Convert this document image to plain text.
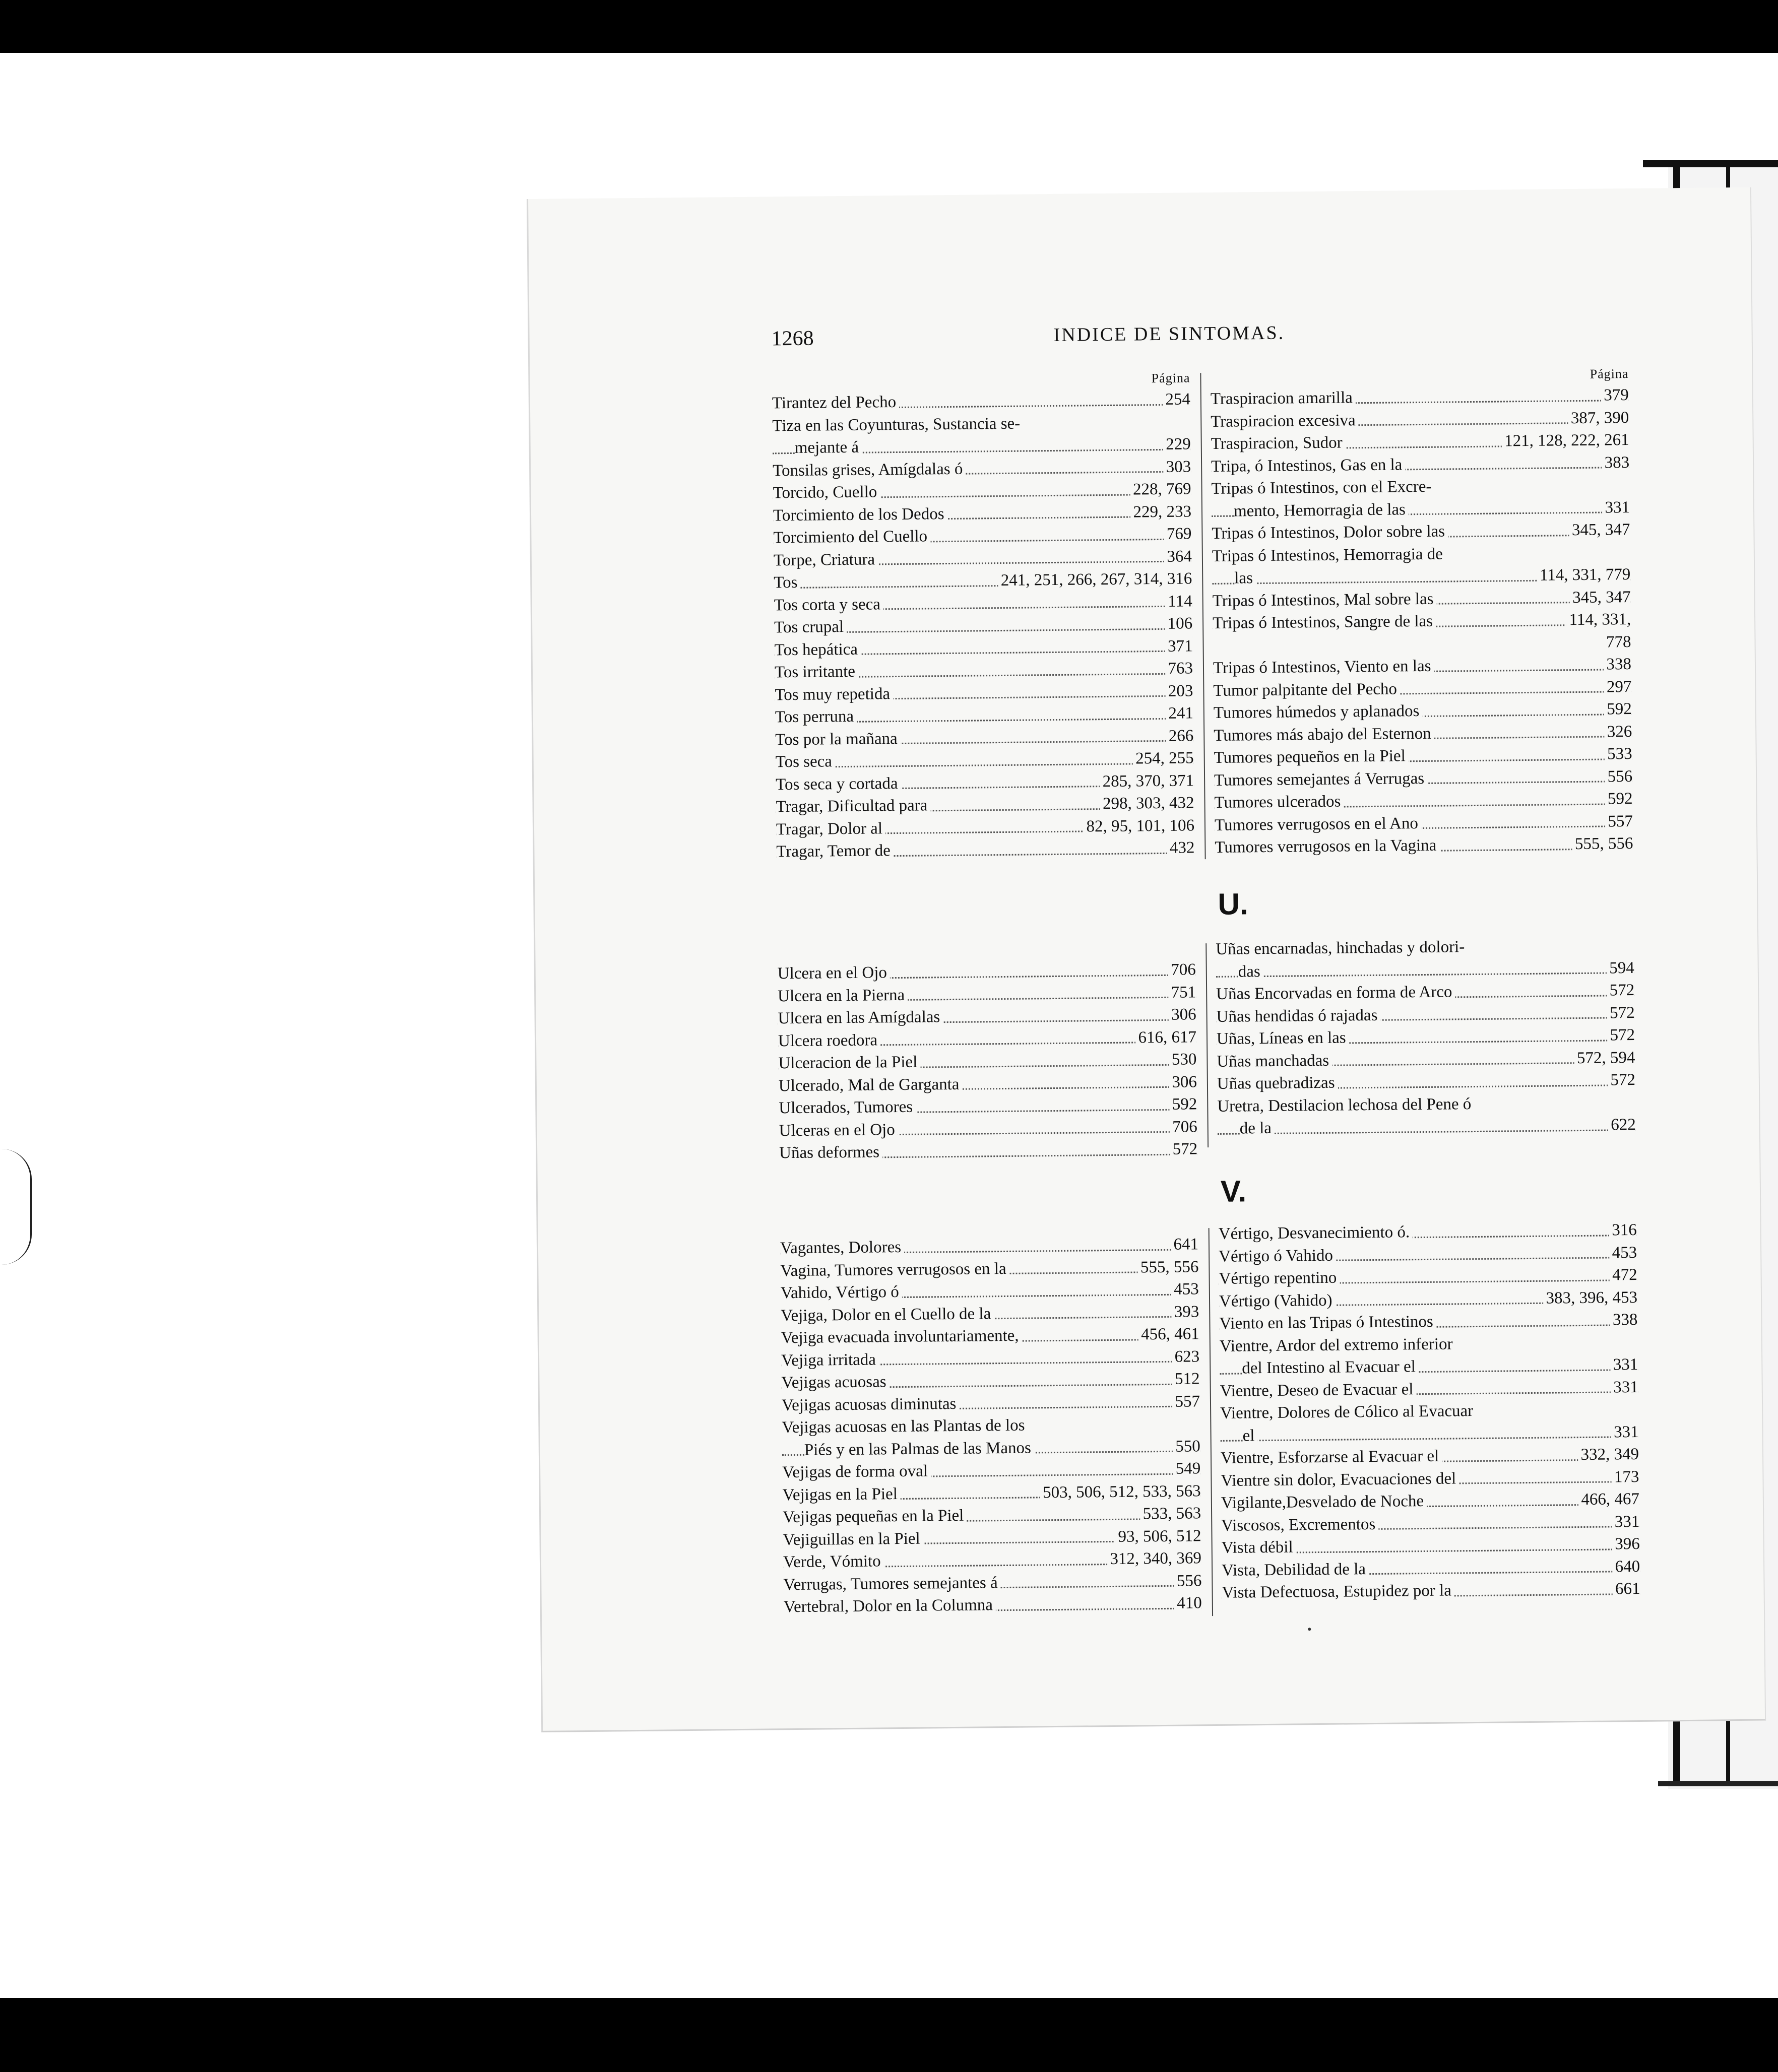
1268	INDICE DE SINTOMAS.
Página
Tirantez del Pecho	254
Tiza en las Coyunturas, Sustancia se-
mejante á	229
Tonsilas grises, Amígdalas ó	303
Torcido, Cuello	228, 769
Torcimiento de los Dedos	229, 233
Torcimiento del Cuello	769
Torpe, Criatura	364
Tos	241, 251, 266, 267, 314, 316
Tos corta y seca	114
Tos crupal	106
Tos hepática	371
Tos irritante	763
Tos muy repetida	203
Tos perruna	241
Tos por la mañana	266
Tos seca	254, 255
Tos seca y cortada	285, 370, 371
Tragar, Dificultad para	298, 303, 432
Tragar, Dolor al	82, 95, 101, 106
Tragar, Temor de	432
Página
Traspiracion amarilla	379
Traspiracion excesiva	387, 390
Traspiracion, Sudor	121, 128, 222, 261
Tripa, ó Intestinos, Gas en la	383
Tripas ó Intestinos, con el Excre-
mento, Hemorragia de las	331
Tripas ó Intestinos, Dolor sobre las	345, 347
Tripas ó Intestinos, Hemorragia de
las	114, 331, 779
Tripas ó Intestinos, Mal sobre las	345, 347
Tripas ó Intestinos, Sangre de las	114, 331,
778
Tripas ó Intestinos, Viento en las	338
Tumor palpitante del Pecho	297
Tumores húmedos y aplanados	592
Tumores más abajo del Esternon	326
Tumores pequeños en la Piel	533
Tumores semejantes á Verrugas	556
Tumores ulcerados	592
Tumores verrugosos en el Ano	557
Tumores verrugosos en la Vagina	555, 556
U.
Ulcera en el Ojo	706
Ulcera en la Pierna	751
Ulcera en las Amígdalas	306
Ulcera roedora	616, 617
Ulceracion de la Piel	530
Ulcerado, Mal de Garganta	306
Ulcerados, Tumores	592
Ulceras en el Ojo	706
Uñas deformes	572
Uñas encarnadas, hinchadas y dolori-
das	594
Uñas Encorvadas en forma de Arco	572
Uñas hendidas ó rajadas	572
Uñas, Líneas en las	572
Uñas manchadas	572, 594
Uñas quebradizas	572
Uretra, Destilacion lechosa del Pene ó
de la	622
V.
Vagantes, Dolores	641
Vagina, Tumores verrugosos en la	555, 556
Vahido, Vértigo ó	453
Vejiga, Dolor en el Cuello de la	393
Vejiga evacuada involuntariamente,	456, 461
Vejiga irritada	623
Vejigas acuosas	512
Vejigas acuosas diminutas	557
Vejigas acuosas en las Plantas de los
Piés y en las Palmas de las Manos	550
Vejigas de forma oval	549
Vejigas en la Piel	503, 506, 512, 533, 563
Vejigas pequeñas en la Piel	533, 563
Vejiguillas en la Piel	93, 506, 512
Verde, Vómito	312, 340, 369
Verrugas, Tumores semejantes á	556
Vertebral, Dolor en la Columna	410
Vértigo, Desvanecimiento ó.	316
Vértigo ó Vahido	453
Vértigo repentino	472
Vértigo (Vahido)	383, 396, 453
Viento en las Tripas ó Intestinos	338
Vientre, Ardor del extremo inferior
del Intestino al Evacuar el	331
Vientre, Deseo de Evacuar el	331
Vientre, Dolores de Cólico al Evacuar
el	331
Vientre, Esforzarse al Evacuar el	332, 349
Vientre sin dolor, Evacuaciones del	173
Vigilante,Desvelado de Noche	466, 467
Viscosos, Excrementos	331
Vista débil	396
Vista, Debilidad de la	640
Vista Defectuosa, Estupidez por la	661
